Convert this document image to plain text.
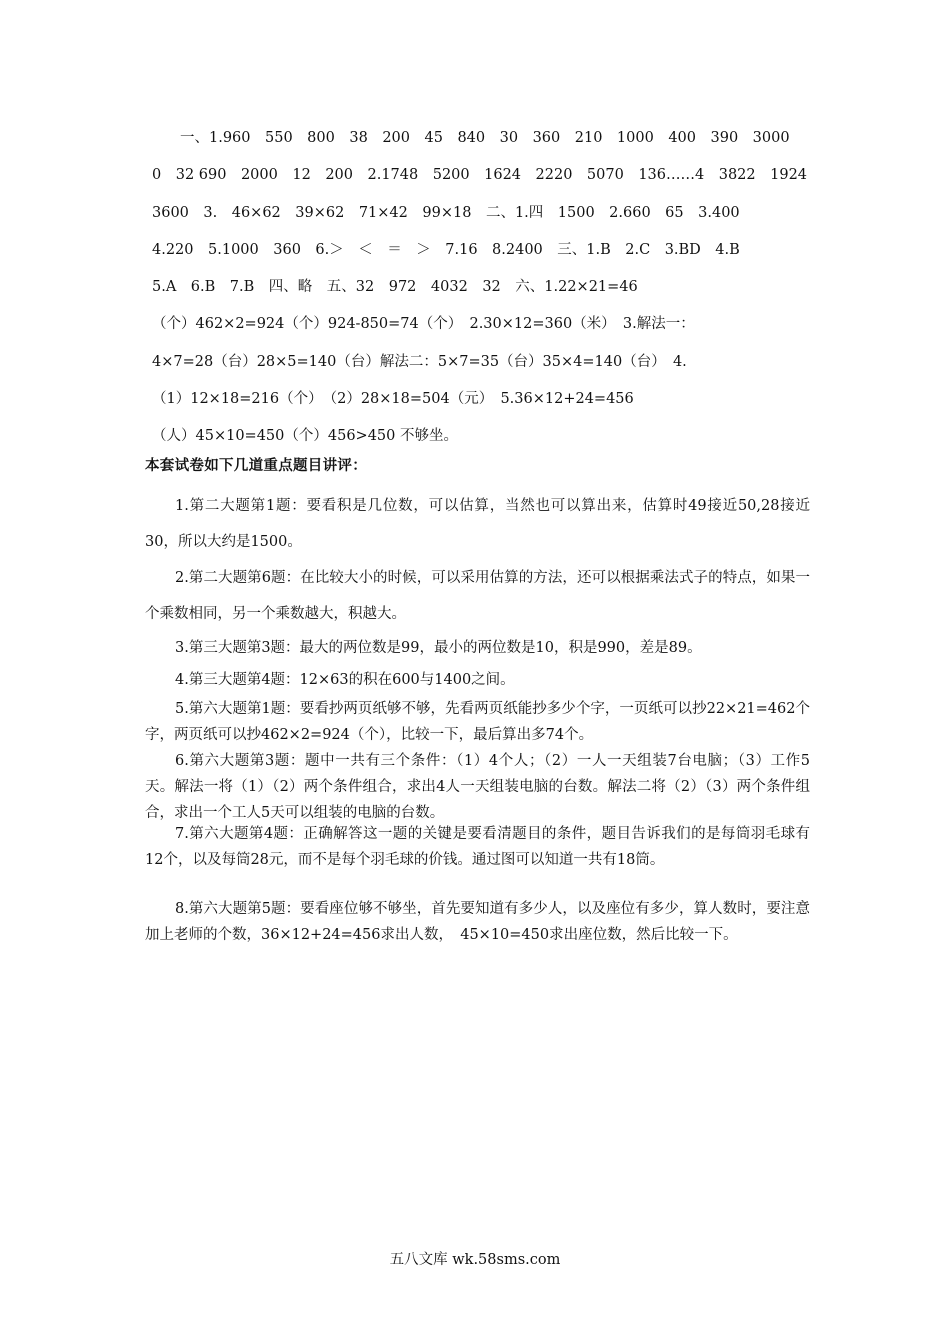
一、1.960　550　800　38　200　45　840　30　360　210　1000　400　390　3000
0　32 690　2000　12　200　2.1748　5200　1624　2220　5070　136……4　3822　1924
3600　3.　46×62　39×62　71×42　99×18　二、1.四　1500　2.660　65　3.400
4.220　5.1000　360　6.＞　＜　＝　＞　7.16　8.2400　三、1.B　2.C　3.BD　4.B
5.A　6.B　7.B　四、略　五、32　972　4032　32　六、1.22×21=46
（个）462×2=924（个）924-850=74（个）　2.30×12=360（米）　3.解法一：
4×7=28（台）28×5=140（台）解法二：5×7=35（台）35×4=140（台）　4.
（1）12×18=216（个）　（2）28×18=504（元）　5.36×12+24=456
（人）45×10=450（个）456>450 不够坐。
本套试卷如下几道重点题目讲评：

1.第二大题第1题：要看积是几位数，可以估算，当然也可以算出来，估算时49接近50,28接近30，所以大约是1500。

2.第二大题第6题：在比较大小的时候，可以采用估算的方法，还可以根据乘法式子的特点，如果一个乘数相同，另一个乘数越大，积越大。

3.第三大题第3题：最大的两位数是99，最小的两位数是10，积是990，差是89。

4.第三大题第4题：12×63的积在600与1400之间。

5.第六大题第1题：要看抄两页纸够不够，先看两页纸能抄多少个字，一页纸可以抄22×21=462个字，两页纸可以抄462×2=924（个），比较一下，最后算出多74个。

6.第六大题第3题：题中一共有三个条件：（1）4个人；（2）一人一天组装7台电脑；（3）工作5天。解法一将（1）（2）两个条件组合，求出4人一天组装电脑的台数。解法二将（2）（3）两个条件组合，求出一个工人5天可以组装的电脑的台数。

7.第六大题第4题：正确解答这一题的关键是要看清题目的条件，题目告诉我们的是每筒羽毛球有12个，以及每筒28元，而不是每个羽毛球的价钱。通过图可以知道一共有18筒。

8.第六大题第5题：要看座位够不够坐，首先要知道有多少人，以及座位有多少，算人数时，要注意加上老师的个数，36×12+24=456求出人数，　45×10=450求出座位数，然后比较一下。

五八文库 wk.58sms.com
